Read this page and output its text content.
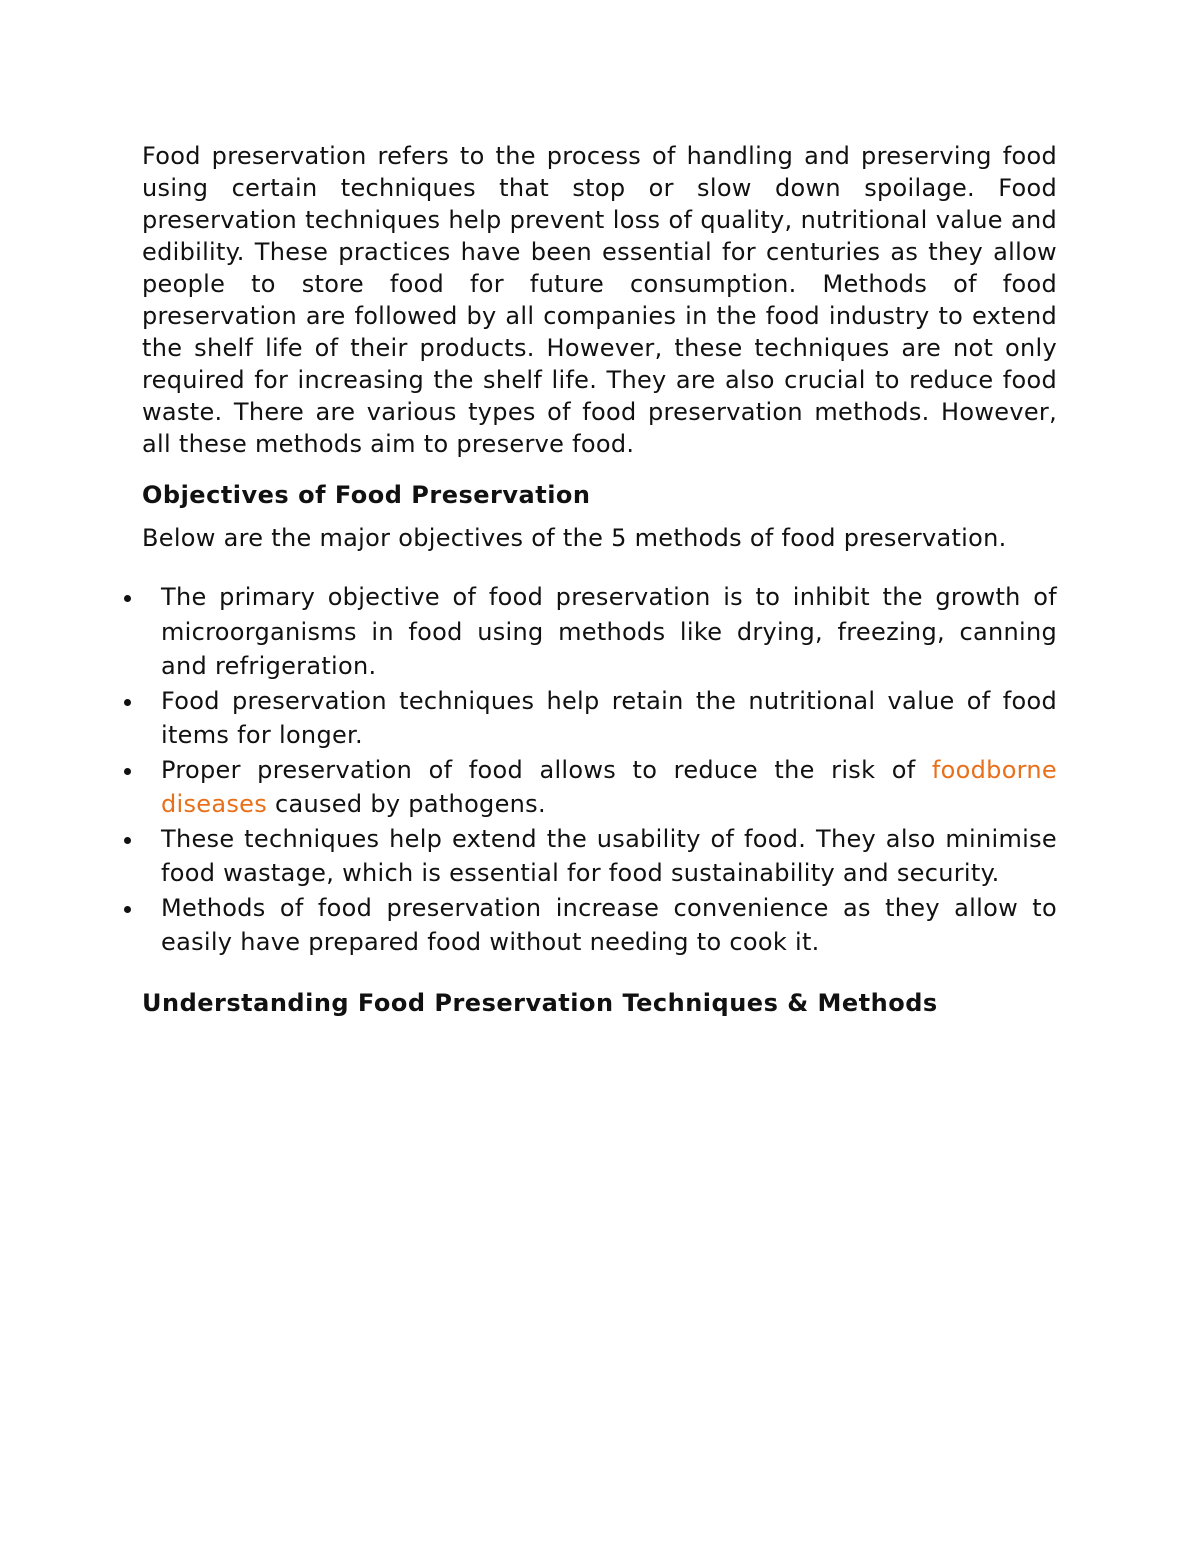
Food preservation refers to the process of handling and preserving food using certain techniques that stop or slow down spoilage. Food preservation techniques help prevent loss of quality, nutritional value and edibility. These practices have been essential for centuries as they allow people to store food for future consumption. Methods of food preservation are followed by all companies in the food industry to extend the shelf life of their products. However, these techniques are not only required for increasing the shelf life. They are also crucial to reduce food waste. There are various types of food preservation methods. However, all these methods aim to preserve food.

Objectives of Food Preservation

Below are the major objectives of the 5 methods of food preservation.

The primary objective of food preservation is to inhibit the growth of microorganisms in food using methods like drying, freezing, canning and refrigeration.
Food preservation techniques help retain the nutritional value of food items for longer.
Proper preservation of food allows to reduce the risk of foodborne diseases caused by pathogens.
These techniques help extend the usability of food. They also minimise food wastage, which is essential for food sustainability and security.
Methods of food preservation increase convenience as they allow to easily have prepared food without needing to cook it.
Understanding Food Preservation Techniques & Methods
